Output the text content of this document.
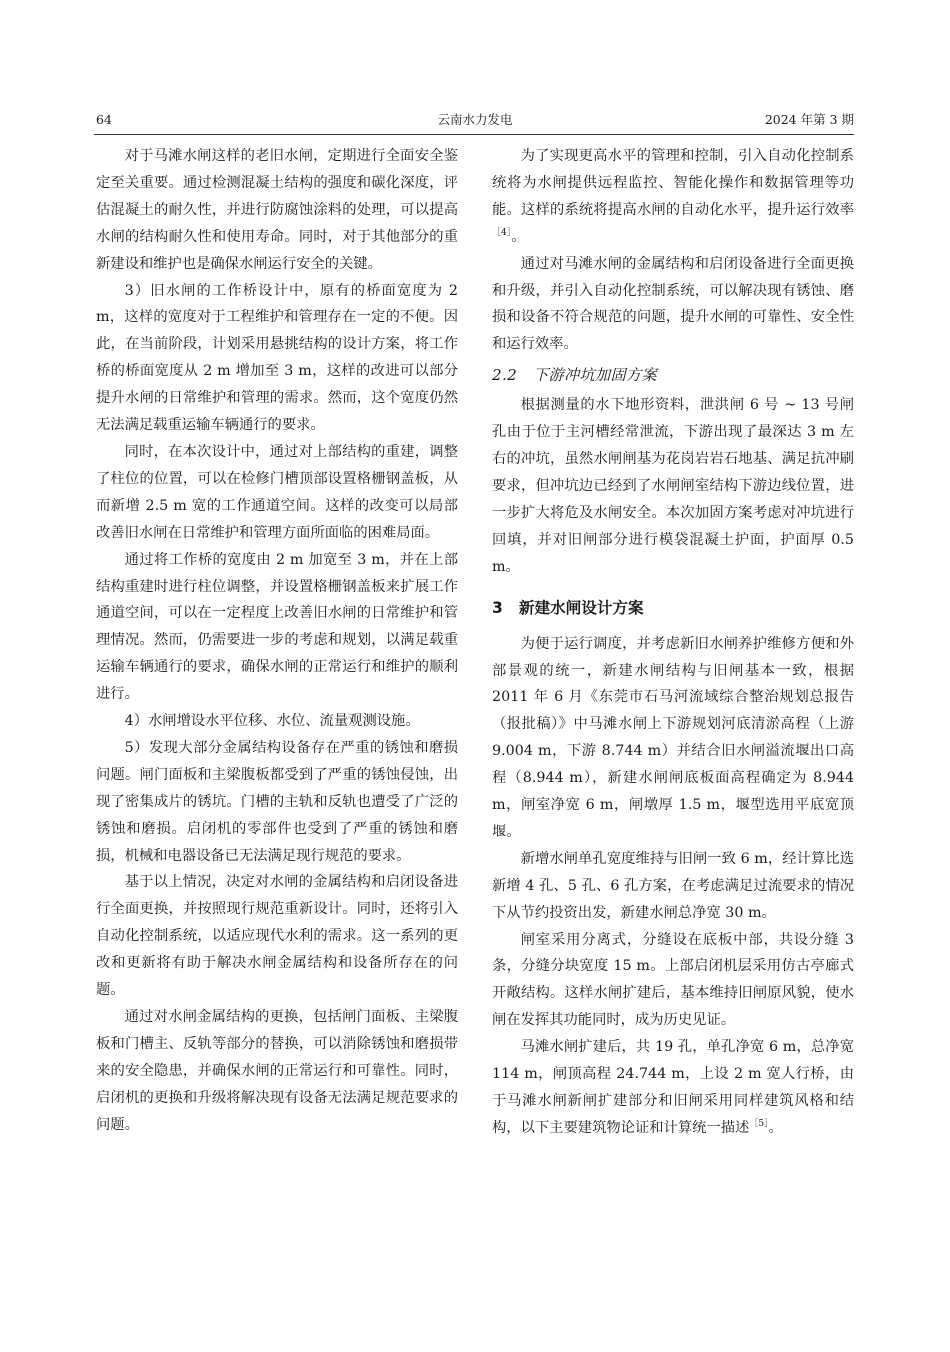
64	云南水力发电	2024 年第 3 期

对于马滩水闸这样的老旧水闸，定期进行全面安全鉴定至关重要。通过检测混凝土结构的强度和碳化深度，评估混凝土的耐久性，并进行防腐蚀涂料的处理，可以提高水闸的结构耐久性和使用寿命。同时，对于其他部分的重新建设和维护也是确保水闸运行安全的关键。

3）旧水闸的工作桥设计中，原有的桥面宽度为 2 m，这样的宽度对于工程维护和管理存在一定的不便。因此，在当前阶段，计划采用悬挑结构的设计方案，将工作桥的桥面宽度从 2 m 增加至 3 m，这样的改进可以部分提升水闸的日常维护和管理的需求。然而，这个宽度仍然无法满足载重运输车辆通行的要求。

同时，在本次设计中，通过对上部结构的重建，调整了柱位的位置，可以在检修门槽顶部设置格栅钢盖板，从而新增 2.5 m 宽的工作通道空间。这样的改变可以局部改善旧水闸在日常维护和管理方面所面临的困难局面。

通过将工作桥的宽度由 2 m 加宽至 3 m，并在上部结构重建时进行柱位调整，并设置格栅钢盖板来扩展工作通道空间，可以在一定程度上改善旧水闸的日常维护和管理情况。然而，仍需要进一步的考虑和规划，以满足载重运输车辆通行的要求，确保水闸的正常运行和维护的顺利进行。

4）水闸增设水平位移、水位、流量观测设施。

5）发现大部分金属结构设备存在严重的锈蚀和磨损问题。闸门面板和主梁腹板都受到了严重的锈蚀侵蚀，出现了密集成片的锈坑。门槽的主轨和反轨也遭受了广泛的锈蚀和磨损。启闭机的零部件也受到了严重的锈蚀和磨损，机械和电器设备已无法满足现行规范的要求。

基于以上情况，决定对水闸的金属结构和启闭设备进行全面更换，并按照现行规范重新设计。同时，还将引入自动化控制系统，以适应现代水利的需求。这一系列的更改和更新将有助于解决水闸金属结构和设备所存在的问题。

通过对水闸金属结构的更换，包括闸门面板、主梁腹板和门槽主、反轨等部分的替换，可以消除锈蚀和磨损带来的安全隐患，并确保水闸的正常运行和可靠性。同时，启闭机的更换和升级将解决现有设备无法满足规范要求的问题。

为了实现更高水平的管理和控制，引入自动化控制系统将为水闸提供远程监控、智能化操作和数据管理等功能。这样的系统将提高水闸的自动化水平，提升运行效率$^{[4]}$。

通过对马滩水闸的金属结构和启闭设备进行全面更换和升级，并引入自动化控制系统，可以解决现有锈蚀、磨损和设备不符合规范的问题，提升水闸的可靠性、安全性和运行效率。

2.2 下游冲坑加固方案

根据测量的水下地形资料，泄洪闸 6 号 ~ 13 号闸孔由于位于主河槽经常泄流，下游出现了最深达 3 m 左右的冲坑，虽然水闸闸基为花岗岩岩石地基、满足抗冲刷要求，但冲坑边已经到了水闸闸室结构下游边线位置，进一步扩大将危及水闸安全。本次加固方案考虑对冲坑进行回填，并对旧闸部分进行模袋混凝土护面，护面厚 0.5 m。

3 新建水闸设计方案

为便于运行调度，并考虑新旧水闸养护维修方便和外部景观的统一，新建水闸结构与旧闸基本一致，根据 2011 年 6 月《东莞市石马河流域综合整治规划总报告（报批稿）》中马滩水闸上下游规划河底清淤高程（上游 9.004 m，下游 8.744 m）并结合旧水闸溢流堰出口高程（8.944 m），新建水闸闸底板面高程确定为 8.944 m，闸室净宽 6 m，闸墩厚 1.5 m，堰型选用平底宽顶堰。

新增水闸单孔宽度维持与旧闸一致 6 m，经计算比选新增 4 孔、5 孔、6 孔方案，在考虑满足过流要求的情况下从节约投资出发，新建水闸总净宽 30 m。

闸室采用分离式，分缝设在底板中部，共设分缝 3 条，分缝分块宽度 15 m。上部启闭机层采用仿古亭廊式开敞结构。这样水闸扩建后，基本维持旧闸原风貌，使水闸在发挥其功能同时，成为历史见证。

马滩水闸扩建后，共 19 孔，单孔净宽 6 m，总净宽 114 m，闸顶高程 24.744 m，上设 2 m 宽人行桥，由于马滩水闸新闸扩建部分和旧闸采用同样建筑风格和结构，以下主要建筑物论证和计算统一描述$^{[5]}$。
